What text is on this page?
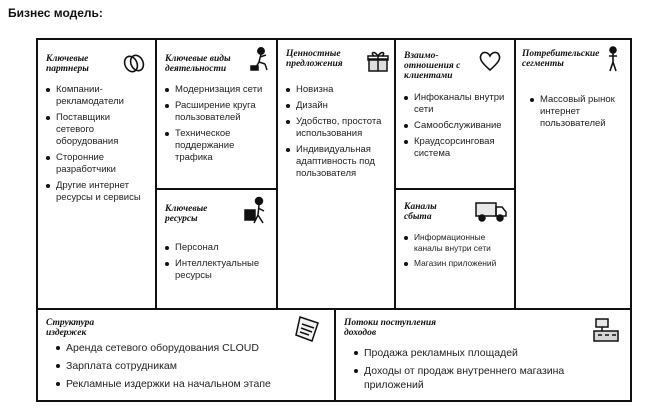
Бизнес модель:
Ключевые партнеры
Компании-рекламодатели
Поставщики сетевого оборудования
Сторонние разработчики
Другие интернет ресурсы и сервисы
Ключевые виды деятельности
Модернизация сети
Расширение круга пользователей
Техническое поддержание трафика
Ключевые ресурсы
Персонал
Интеллектуальные ресурсы
Ценностные предложения
Новизна
Дизайн
Удобство, простота использования
Индивидуальная адаптивность под пользователя
Взаимо-отношения с клиентами
Инфоканалы внутри сети
Самообслуживание
Краудсорсинговая система
Каналы сбыта
Информационные каналы внутри сети
Магазин приложений
Потребительские сегменты
Массовый рынок интернет пользователей
Структура издержек
Аренда сетевого оборудования CLOUD
Зарплата сотрудникам
Рекламные издержки на начальном этапе
Потоки поступления доходов
Продажа рекламных площадей
Доходы от продаж внутреннего магазина приложений
